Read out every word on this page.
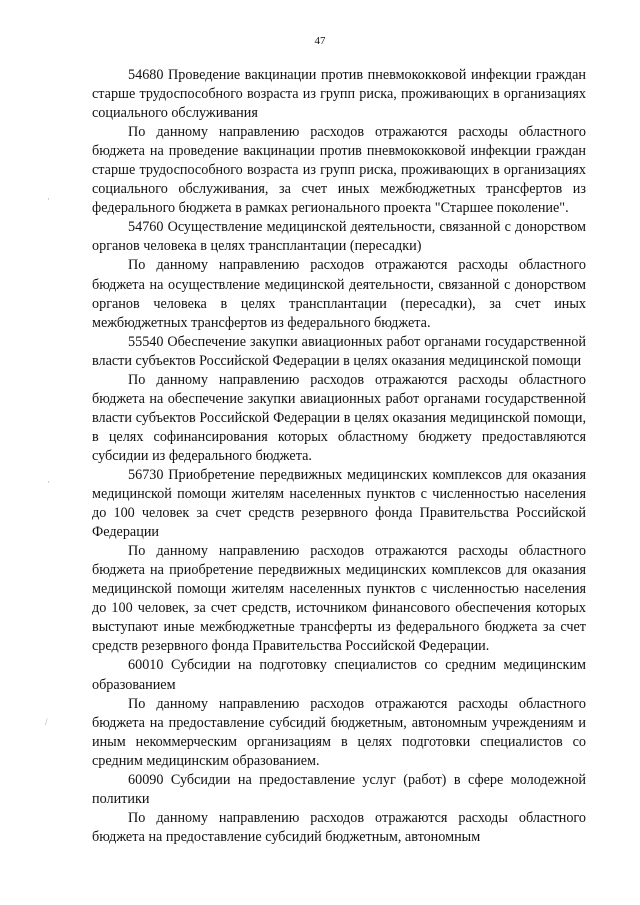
47
·
·
/

54680 Проведение вакцинации против пневмококковой инфекции граждан старше трудоспособного возраста из групп риска, проживающих в организациях социального обслуживания

По данному направлению расходов отражаются расходы областного бюджета на проведение вакцинации против пневмококковой инфекции граждан старше трудоспособного возраста из групп риска, проживающих в организациях социального обслуживания, за счет иных межбюджетных трансфертов из федерального бюджета в рамках регионального проекта "Старшее поколение".

54760 Осуществление медицинской деятельности, связанной с донорством органов человека в целях трансплантации (пересадки)

По данному направлению расходов отражаются расходы областного бюджета на осуществление медицинской деятельности, связанной с донорством органов человека в целях трансплантации (пересадки), за счет иных межбюджетных трансфертов из федерального бюджета.

55540 Обеспечение закупки авиационных работ органами государственной власти субъектов Российской Федерации в целях оказания медицинской помощи

По данному направлению расходов отражаются расходы областного бюджета на обеспечение закупки авиационных работ органами государственной власти субъектов Российской Федерации в целях оказания медицинской помощи, в целях софинансирования которых областному бюджету предоставляются субсидии из федерального бюджета.

56730 Приобретение передвижных медицинских комплексов для оказания медицинской помощи жителям населенных пунктов с численностью населения до 100 человек за счет средств резервного фонда Правительства Российской Федерации

По данному направлению расходов отражаются расходы областного бюджета на приобретение передвижных медицинских комплексов для оказания медицинской помощи жителям населенных пунктов с численностью населения до 100 человек, за счет средств, источником финансового обеспечения которых выступают иные межбюджетные трансферты из федерального бюджета за счет средств резервного фонда Правительства Российской Федерации.

60010 Субсидии на подготовку специалистов со средним медицинским образованием

По данному направлению расходов отражаются расходы областного бюджета на предоставление субсидий бюджетным, автономным учреждениям и иным некоммерческим организациям в целях подготовки специалистов со средним медицинским образованием.

60090 Субсидии на предоставление услуг (работ) в сфере молодежной политики

По данному направлению расходов отражаются расходы областного бюджета на предоставление субсидий бюджетным, автономным
